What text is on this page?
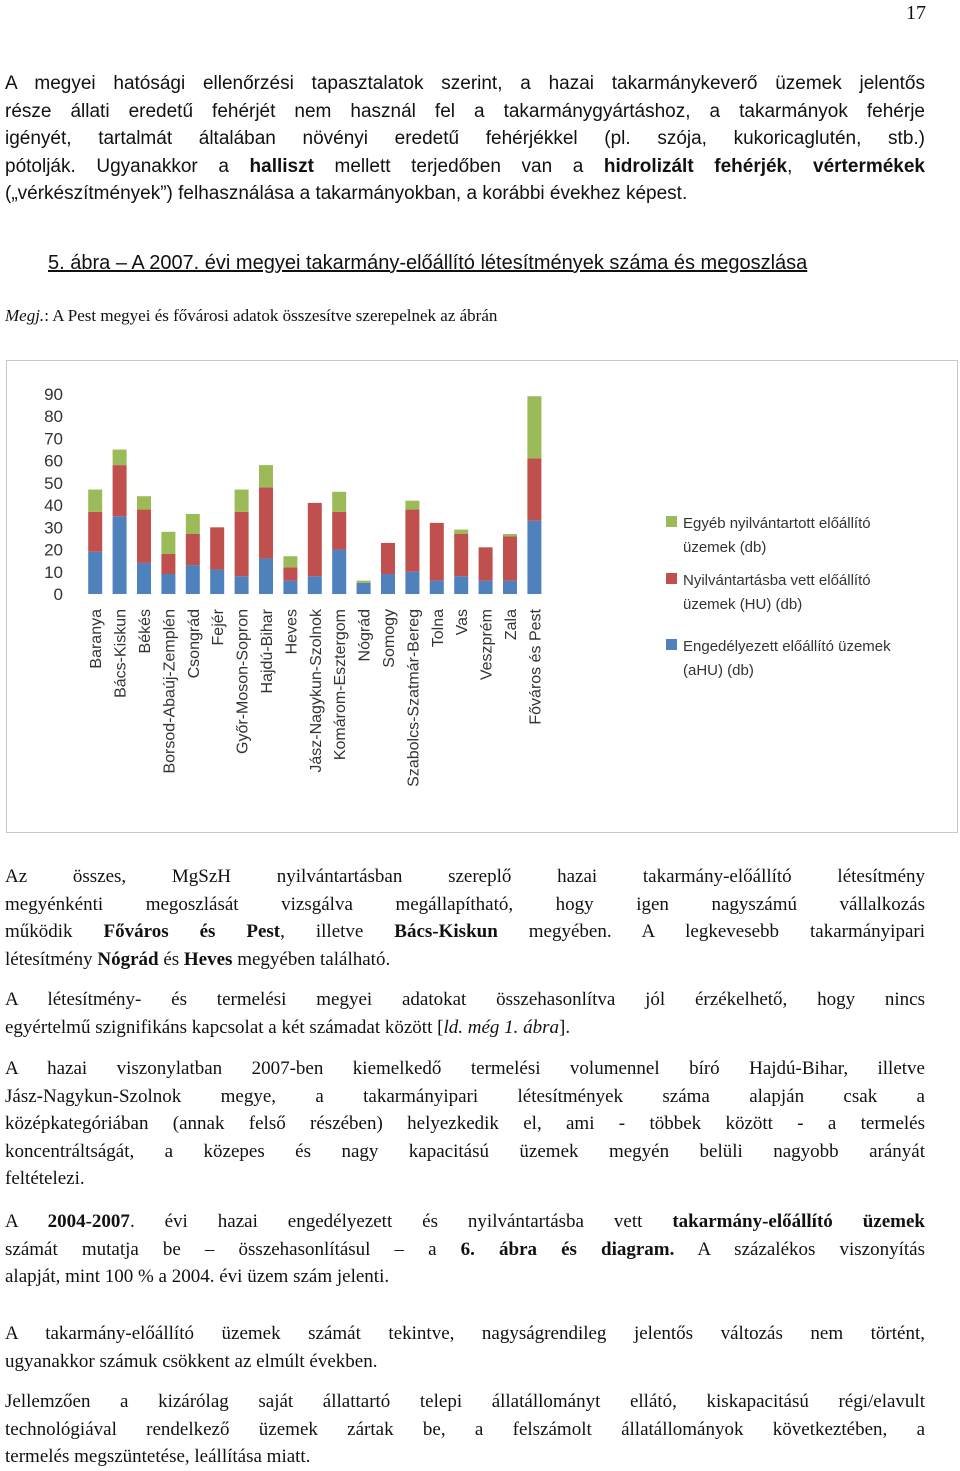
17
A megyei hatósági ellenőrzési tapasztalatok szerint, a hazai takarmánykeverő üzemek jelentős
része állati eredetű fehérjét nem használ fel a takarmánygyártáshoz, a takarmányok fehérje
igényét, tartalmát általában növényi eredetű fehérjékkel (pl. szója, kukoricaglutén, stb.)
pótolják. Ugyanakkor a halliszt mellett terjedőben van a hidrolizált fehérjék, vértermékek
(„vérkészítmények”) felhasználása a takarmányokban, a korábbi évekhez képest.
5. ábra – A 2007. évi megyei takarmány-előállító létesítmények száma és megoszlása
Megj.: A Pest megyei és fővárosi adatok összesítve szerepelnek az ábrán
0
10
20
30
40
50
60
70
80
90
Baranya Bács-Kiskun Békés Borsod-Abaúj-Zemplén Csongrád Fejér Győr-Moson-Sopron Hajdú-Bihar Heves Jász-Nagykun-Szolnok Komárom-Esztergom Nógrád Somogy Szabolcs-Szatmár-Bereg Tolna Vas Veszprém Zala Főváros és Pest
Egyéb nyilvántartott előállító
üzemek (db)
Nyilvántartásba vett előállító
üzemek (HU) (db)
Engedélyezett előállító üzemek
(aHU) (db)
Az összes, MgSzH nyilvántartásban szereplő hazai takarmány-előállító létesítmény
megyénkénti megoszlását vizsgálva megállapítható, hogy igen nagyszámú vállalkozás
működik Főváros és Pest, illetve Bács-Kiskun megyében. A legkevesebb takarmányipari
létesítmény Nógrád és Heves megyében található.
A létesítmény- és termelési megyei adatokat összehasonlítva jól érzékelhető, hogy nincs
egyértelmű szignifikáns kapcsolat a két számadat között [ld. még 1. ábra].
A hazai viszonylatban 2007-ben kiemelkedő termelési volumennel bíró Hajdú-Bihar, illetve
Jász-Nagykun-Szolnok megye, a takarmányipari létesítmények száma alapján csak a
középkategóriában (annak felső részében) helyezkedik el, ami - többek között - a termelés
koncentráltságát, a közepes és nagy kapacitású üzemek megyén belüli nagyobb arányát
feltételezi.
A 2004-2007. évi hazai engedélyezett és nyilvántartásba vett takarmány-előállító üzemek
számát mutatja be – összehasonlításul – a 6. ábra és diagram. A százalékos viszonyítás
alapját, mint 100 % a 2004. évi üzem szám jelenti.
A takarmány-előállító üzemek számát tekintve, nagyságrendileg jelentős változás nem történt,
ugyanakkor számuk csökkent az elmúlt években.
Jellemzően a kizárólag saját állattartó telepi állatállományt ellátó, kiskapacitású régi/elavult
technológiával rendelkező üzemek zártak be, a felszámolt állatállományok következtében, a
termelés megszüntetése, leállítása miatt.
